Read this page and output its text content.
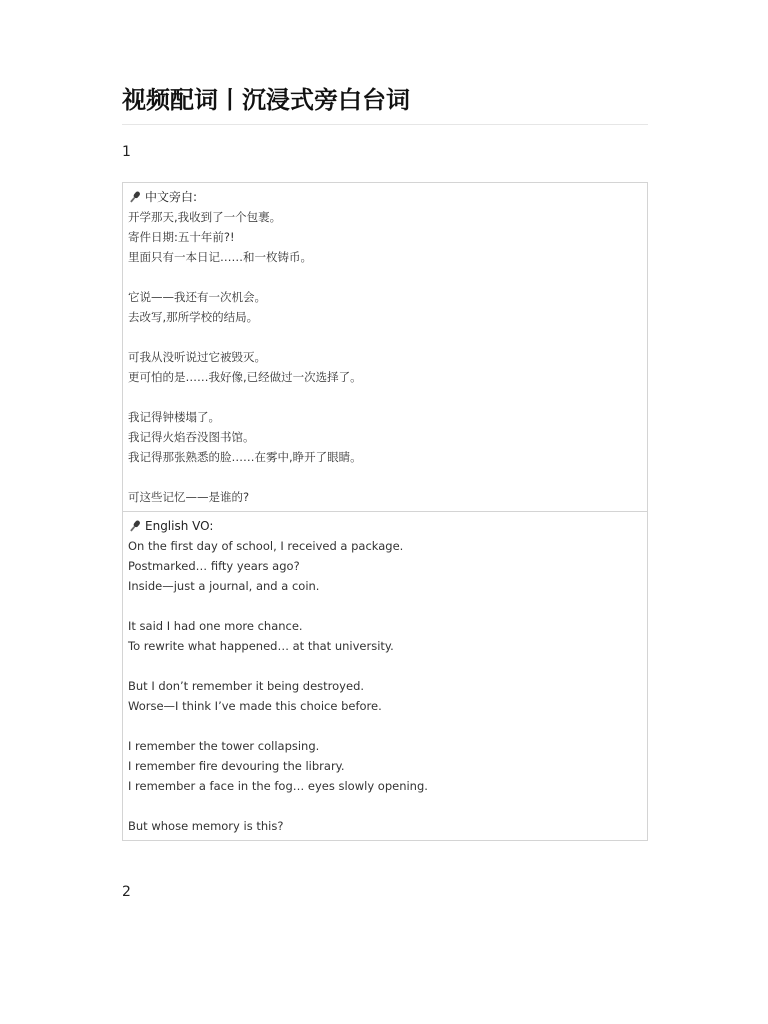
视频配词丨沉浸式旁白台词
1
中文旁白:
开学那天,我收到了一个包裹。
寄件日期:五十年前?!
里面只有一本日记……和一枚铸币。
它说——我还有一次机会。
去改写,那所学校的结局。
可我从没听说过它被毁灭。
更可怕的是……我好像,已经做过一次选择了。
我记得钟楼塌了。
我记得火焰吞没图书馆。
我记得那张熟悉的脸……在雾中,睁开了眼睛。
可这些记忆——是谁的?
English VO:
On the first day of school, I received a package.
Postmarked… fifty years ago?
Inside—just a journal, and a coin.
It said I had one more chance.
To rewrite what happened… at that university.
But I don’t remember it being destroyed.
Worse—I think I’ve made this choice before.
I remember the tower collapsing.
I remember fire devouring the library.
I remember a face in the fog… eyes slowly opening.
But whose memory is this?
2
